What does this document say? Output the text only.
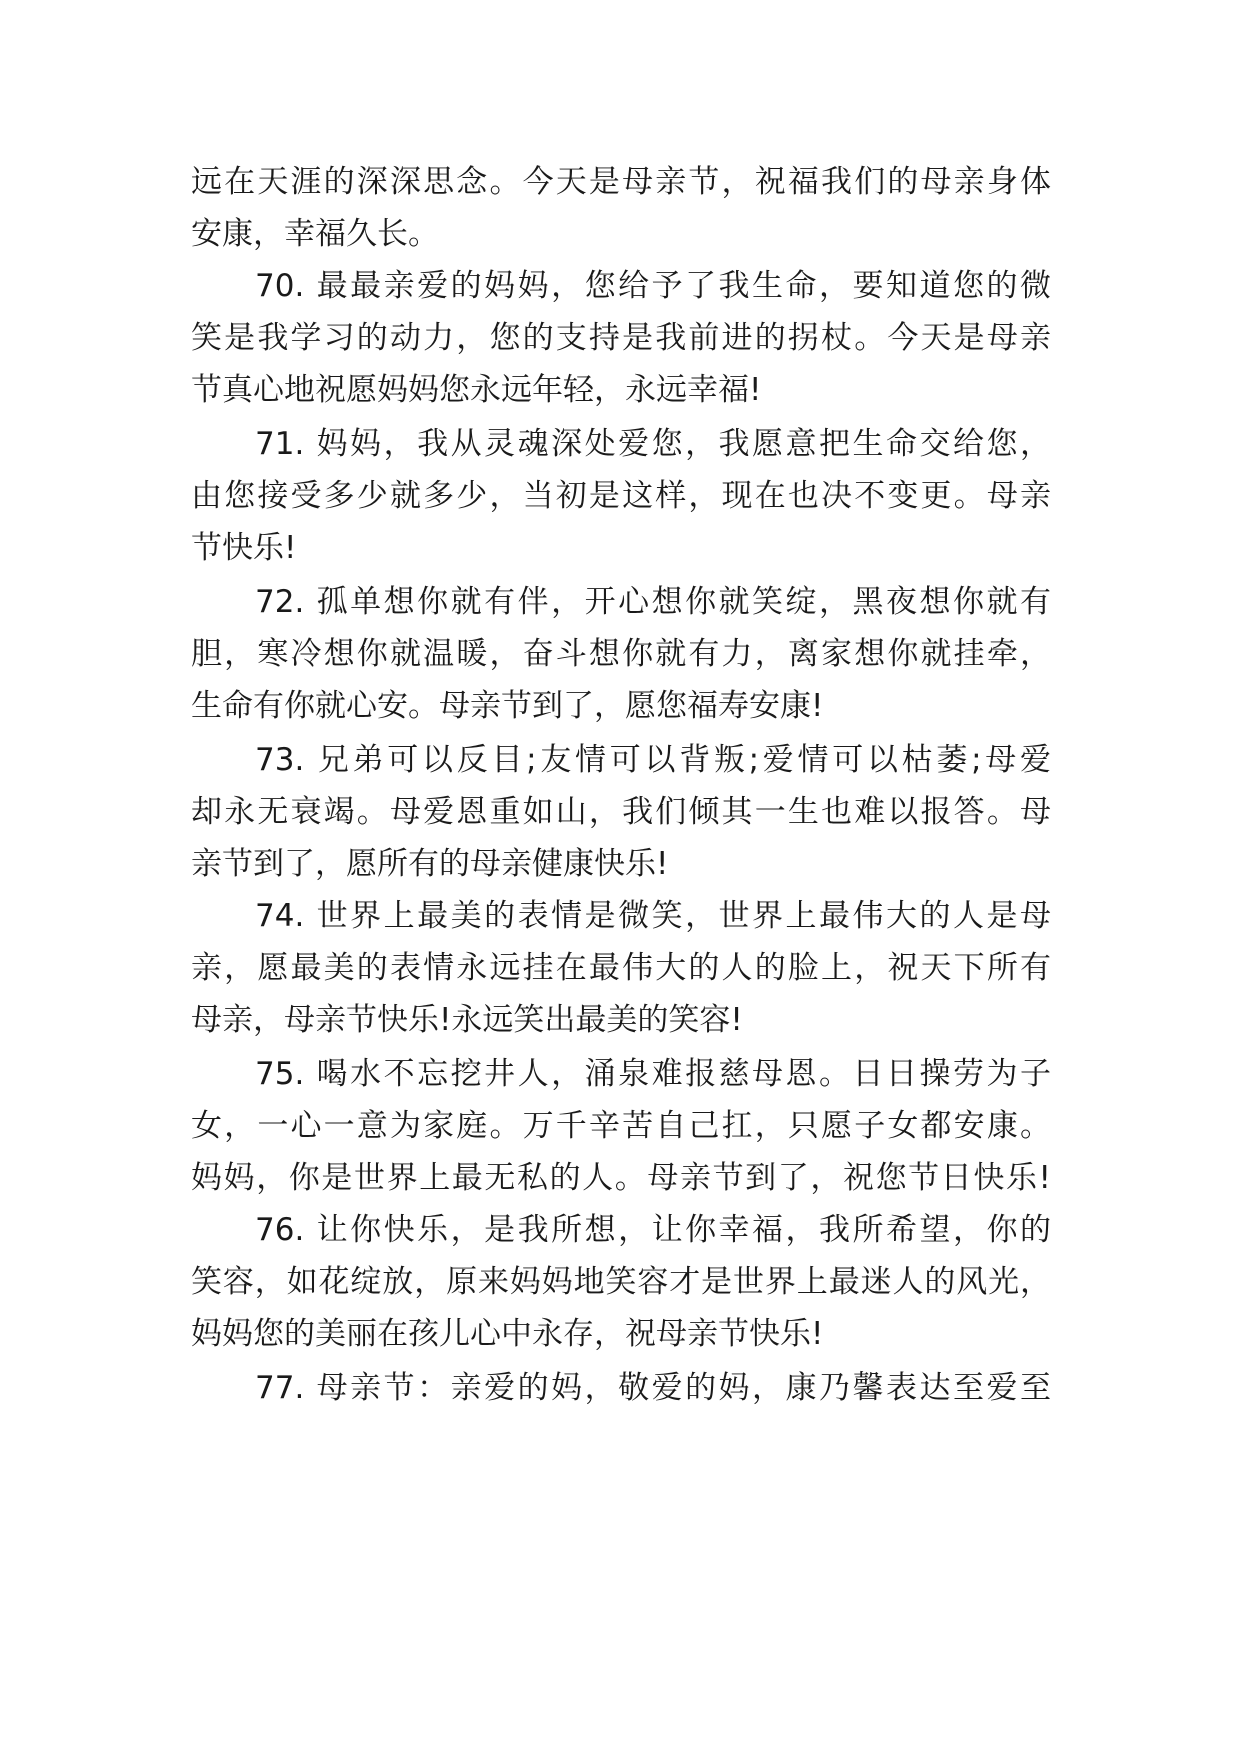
远在天涯的深深思念。今天是母亲节，祝福我们的母亲身体
安康，幸福久长。
70. 最最亲爱的妈妈，您给予了我生命，要知道您的微
笑是我学习的动力，您的支持是我前进的拐杖。今天是母亲
节真心地祝愿妈妈您永远年轻，永远幸福!
71. 妈妈，我从灵魂深处爱您，我愿意把生命交给您，
由您接受多少就多少，当初是这样，现在也决不变更。母亲
节快乐!
72. 孤单想你就有伴，开心想你就笑绽，黑夜想你就有
胆，寒冷想你就温暖，奋斗想你就有力，离家想你就挂牵，
生命有你就心安。母亲节到了，愿您福寿安康!
73. 兄弟可以反目;友情可以背叛;爱情可以枯萎;母爱
却永无衰竭。母爱恩重如山，我们倾其一生也难以报答。母
亲节到了，愿所有的母亲健康快乐!
74. 世界上最美的表情是微笑，世界上最伟大的人是母
亲，愿最美的表情永远挂在最伟大的人的脸上，祝天下所有
母亲，母亲节快乐!永远笑出最美的笑容!
75. 喝水不忘挖井人，涌泉难报慈母恩。日日操劳为子
女，一心一意为家庭。万千辛苦自己扛，只愿子女都安康。
妈妈，你是世界上最无私的人。母亲节到了，祝您节日快乐!
76. 让你快乐，是我所想，让你幸福，我所希望，你的
笑容，如花绽放，原来妈妈地笑容才是世界上最迷人的风光，
妈妈您的美丽在孩儿心中永存，祝母亲节快乐!
77. 母亲节：亲爱的妈，敬爱的妈，康乃馨表达至爱至
